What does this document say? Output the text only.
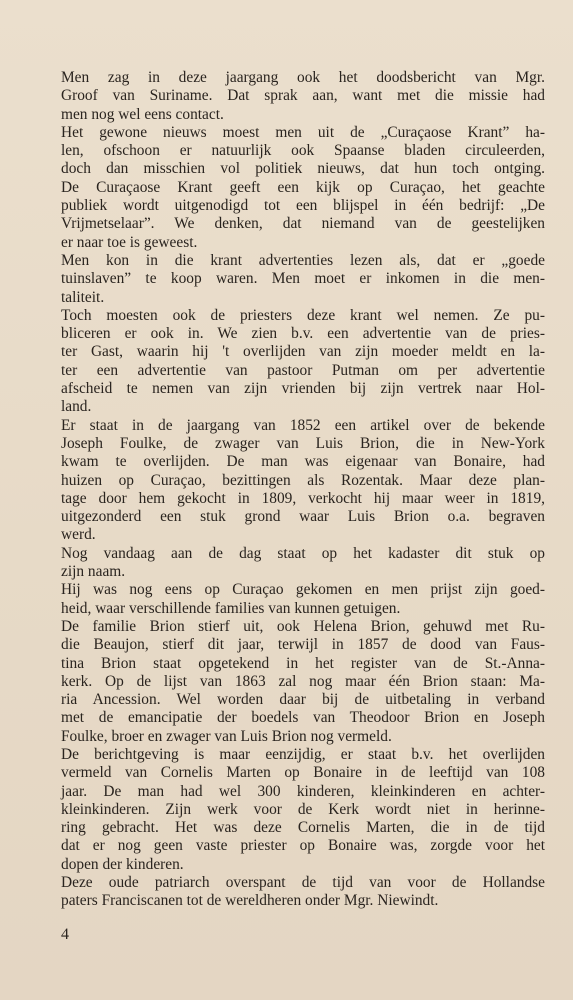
Men zag in deze jaargang ook het doodsbericht van Mgr.
Groof van Suriname. Dat sprak aan, want met die missie had
men nog wel eens contact.
Het gewone nieuws moest men uit de „Curaçaose Krant” ha-
len, ofschoon er natuurlijk ook Spaanse bladen circuleerden,
doch dan misschien vol politiek nieuws, dat hun toch ontging.
De Curaçaose Krant geeft een kijk op Curaçao, het geachte
publiek wordt uitgenodigd tot een blijspel in één bedrijf: „De
Vrijmetselaar”. We denken, dat niemand van de geestelijken
er naar toe is geweest.
Men kon in die krant advertenties lezen als, dat er „goede
tuinslaven” te koop waren. Men moet er inkomen in die men-
taliteit.
Toch moesten ook de priesters deze krant wel nemen. Ze pu-
bliceren er ook in. We zien b.v. een advertentie van de pries-
ter Gast, waarin hij 't overlijden van zijn moeder meldt en la-
ter een advertentie van pastoor Putman om per advertentie
afscheid te nemen van zijn vrienden bij zijn vertrek naar Hol-
land.
Er staat in de jaargang van 1852 een artikel over de bekende
Joseph Foulke, de zwager van Luis Brion, die in New-York
kwam te overlijden. De man was eigenaar van Bonaire, had
huizen op Curaçao, bezittingen als Rozentak. Maar deze plan-
tage door hem gekocht in 1809, verkocht hij maar weer in 1819,
uitgezonderd een stuk grond waar Luis Brion o.a. begraven
werd.
Nog vandaag aan de dag staat op het kadaster dit stuk op
zijn naam.
Hij was nog eens op Curaçao gekomen en men prijst zijn goed-
heid, waar verschillende families van kunnen getuigen.
De familie Brion stierf uit, ook Helena Brion, gehuwd met Ru-
die Beaujon, stierf dit jaar, terwijl in 1857 de dood van Faus-
tina Brion staat opgetekend in het register van de St.-Anna-
kerk. Op de lijst van 1863 zal nog maar één Brion staan: Ma-
ria Ancession. Wel worden daar bij de uitbetaling in verband
met de emancipatie der boedels van Theodoor Brion en Joseph
Foulke, broer en zwager van Luis Brion nog vermeld.
De berichtgeving is maar eenzijdig, er staat b.v. het overlijden
vermeld van Cornelis Marten op Bonaire in de leeftijd van 108
jaar. De man had wel 300 kinderen, kleinkinderen en achter-
kleinkinderen. Zijn werk voor de Kerk wordt niet in herinne-
ring gebracht. Het was deze Cornelis Marten, die in de tijd
dat er nog geen vaste priester op Bonaire was, zorgde voor het
dopen der kinderen.
Deze oude patriarch overspant de tijd van voor de Hollandse
paters Franciscanen tot de wereldheren onder Mgr. Niewindt.
4
